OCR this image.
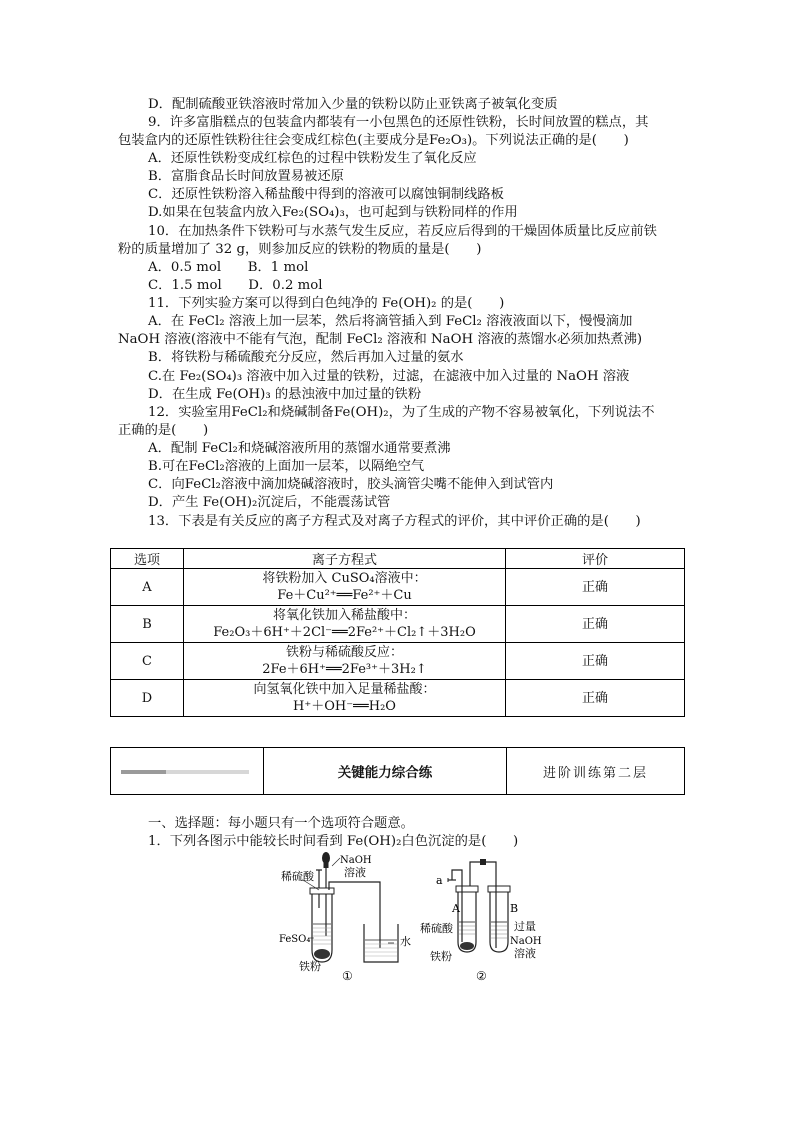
D．配制硫酸亚铁溶液时常加入少量的铁粉以防止亚铁离子被氧化变质
9．许多富脂糕点的包装盒内都装有一小包黑色的还原性铁粉，长时间放置的糕点，其
包装盒内的还原性铁粉往往会变成红棕色(主要成分是Fe₂O₃)。下列说法正确的是(　　)
A．还原性铁粉变成红棕色的过程中铁粉发生了氧化反应
B．富脂食品长时间放置易被还原
C．还原性铁粉溶入稀盐酸中得到的溶液可以腐蚀铜制线路板
D.如果在包装盒内放入Fe₂(SO₄)₃，也可起到与铁粉同样的作用
10．在加热条件下铁粉可与水蒸气发生反应，若反应后得到的干燥固体质量比反应前铁
粉的质量增加了 32 g，则参加反应的铁粉的物质的量是(　　)
A．0.5 mol　　B．1 mol
C．1.5 mol　　D．0.2 mol
11．下列实验方案可以得到白色纯净的 Fe(OH)₂ 的是(　　)
A．在 FeCl₂ 溶液上加一层苯，然后将滴管插入到 FeCl₂ 溶液液面以下，慢慢滴加
NaOH 溶液(溶液中不能有气泡，配制 FeCl₂ 溶液和 NaOH 溶液的蒸馏水必须加热煮沸)
B．将铁粉与稀硫酸充分反应，然后再加入过量的氨水
C.在 Fe₂(SO₄)₃ 溶液中加入过量的铁粉，过滤，在滤液中加入过量的 NaOH 溶液
D．在生成 Fe(OH)₃ 的悬浊液中加过量的铁粉
12．实验室用FeCl₂和烧碱制备Fe(OH)₂，为了生成的产物不容易被氧化，下列说法不
正确的是(　　)
A．配制 FeCl₂和烧碱溶液所用的蒸馏水通常要煮沸
B.可在FeCl₂溶液的上面加一层苯，以隔绝空气
C．向FeCl₂溶液中滴加烧碱溶液时，胶头滴管尖嘴不能伸入到试管内
D．产生 Fe(OH)₂沉淀后，不能震荡试管
13．下表是有关反应的离子方程式及对离子方程式的评价，其中评价正确的是(　　)
选项	离子方程式	评价
A	将铁粉加入 CuSO₄溶液中：
Fe＋Cu²⁺══Fe²⁺＋Cu	正确
B	将氧化铁加入稀盐酸中：
Fe₂O₃＋6H⁺＋2Cl⁻══2Fe²⁺＋Cl₂↑＋3H₂O	正确
C	铁粉与稀硫酸反应：
2Fe＋6H⁺══2Fe³⁺＋3H₂↑	正确
D	向氢氧化铁中加入足量稀盐酸：
H⁺＋OH⁻══H₂O	正确
关键能力综合练	进阶训练第二层
一、选择题：每小题只有一个选项符合题意。
1．下列各图示中能较长时间看到 Fe(OH)₂白色沉淀的是(　　)
稀硫酸
NaOH
溶液
FeSO₄	水
铁粉
①
a
A	B
稀硫酸
铁粉
过量
NaOH
溶液
②
